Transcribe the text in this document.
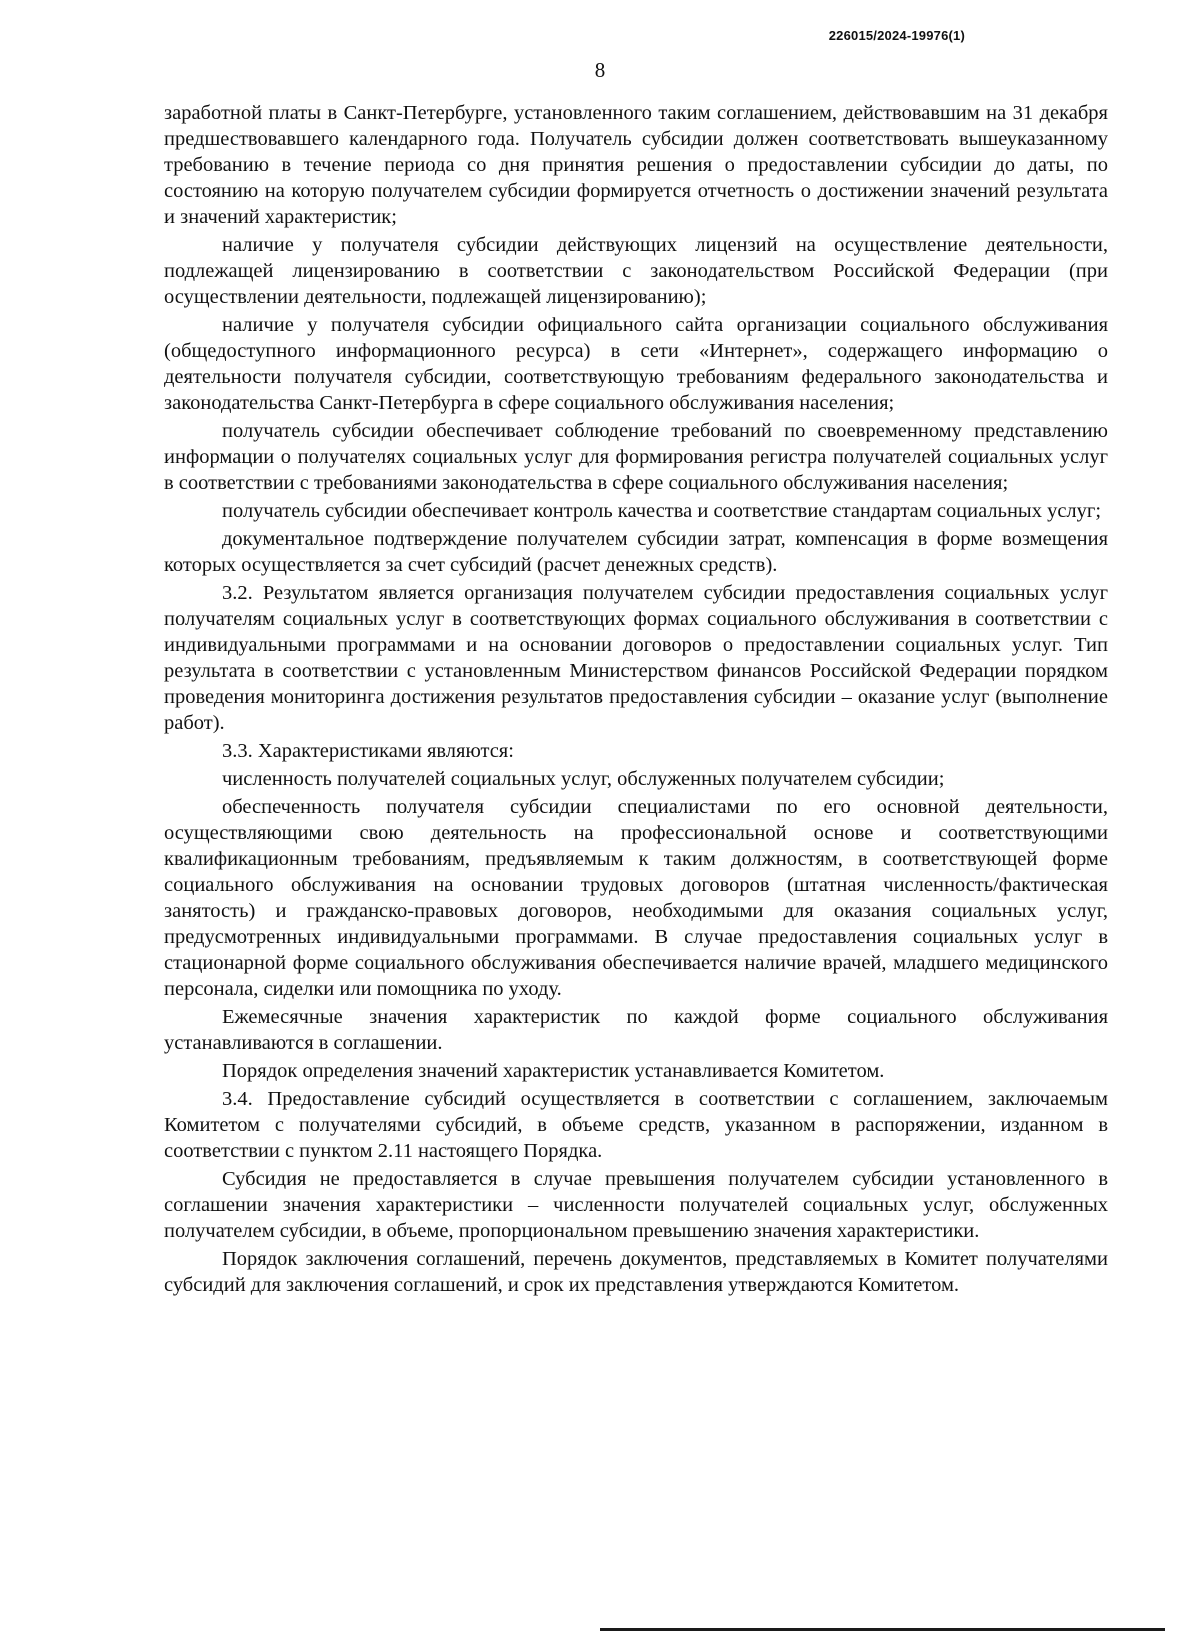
226015/2024-19976(1)
8

заработной платы в Санкт-Петербурге, установленного таким соглашением, действовавшим на 31 декабря предшествовавшего календарного года. Получатель субсидии должен соответствовать вышеуказанному требованию в течение периода со дня принятия решения о предоставлении субсидии до даты, по состоянию на которую получателем субсидии формируется отчетность о достижении значений результата и значений характеристик;

наличие у получателя субсидии действующих лицензий на осуществление деятельности, подлежащей лицензированию в соответствии с законодательством Российской Федерации (при осуществлении деятельности, подлежащей лицензированию);

наличие у получателя субсидии официального сайта организации социального обслуживания (общедоступного информационного ресурса) в сети «Интернет», содержащего информацию о деятельности получателя субсидии, соответствующую требованиям федерального законодательства и законодательства Санкт-Петербурга в сфере социального обслуживания населения;

получатель субсидии обеспечивает соблюдение требований по своевременному представлению информации о получателях социальных услуг для формирования регистра получателей социальных услуг в соответствии с требованиями законодательства в сфере социального обслуживания населения;

получатель субсидии обеспечивает контроль качества и соответствие стандартам социальных услуг;

документальное подтверждение получателем субсидии затрат, компенсация в форме возмещения которых осуществляется за счет субсидий (расчет денежных средств).

3.2. Результатом является организация получателем субсидии предоставления социальных услуг получателям социальных услуг в соответствующих формах социального обслуживания в соответствии с индивидуальными программами и на основании договоров о предоставлении социальных услуг. Тип результата в соответствии с установленным Министерством финансов Российской Федерации порядком проведения мониторинга достижения результатов предоставления субсидии – оказание услуг (выполнение работ).

3.3. Характеристиками являются:

численность получателей социальных услуг, обслуженных получателем субсидии;

обеспеченность получателя субсидии специалистами по его основной деятельности, осуществляющими свою деятельность на профессиональной основе и соответствующими квалификационным требованиям, предъявляемым к таким должностям, в соответствующей форме социального обслуживания на основании трудовых договоров (штатная численность/фактическая занятость) и гражданско-правовых договоров, необходимыми для оказания социальных услуг, предусмотренных индивидуальными программами. В случае предоставления социальных услуг в стационарной форме социального обслуживания обеспечивается наличие врачей, младшего медицинского персонала, сиделки или помощника по уходу.

Ежемесячные значения характеристик по каждой форме социального обслуживания устанавливаются в соглашении.

Порядок определения значений характеристик устанавливается Комитетом.

3.4. Предоставление субсидий осуществляется в соответствии с соглашением, заключаемым Комитетом с получателями субсидий, в объеме средств, указанном в распоряжении, изданном в соответствии с пунктом 2.11 настоящего Порядка.

Субсидия не предоставляется в случае превышения получателем субсидии установленного в соглашении значения характеристики – численности получателей социальных услуг, обслуженных получателем субсидии, в объеме, пропорциональном превышению значения характеристики.

Порядок заключения соглашений, перечень документов, представляемых в Комитет получателями субсидий для заключения соглашений, и срок их представления утверждаются Комитетом.
